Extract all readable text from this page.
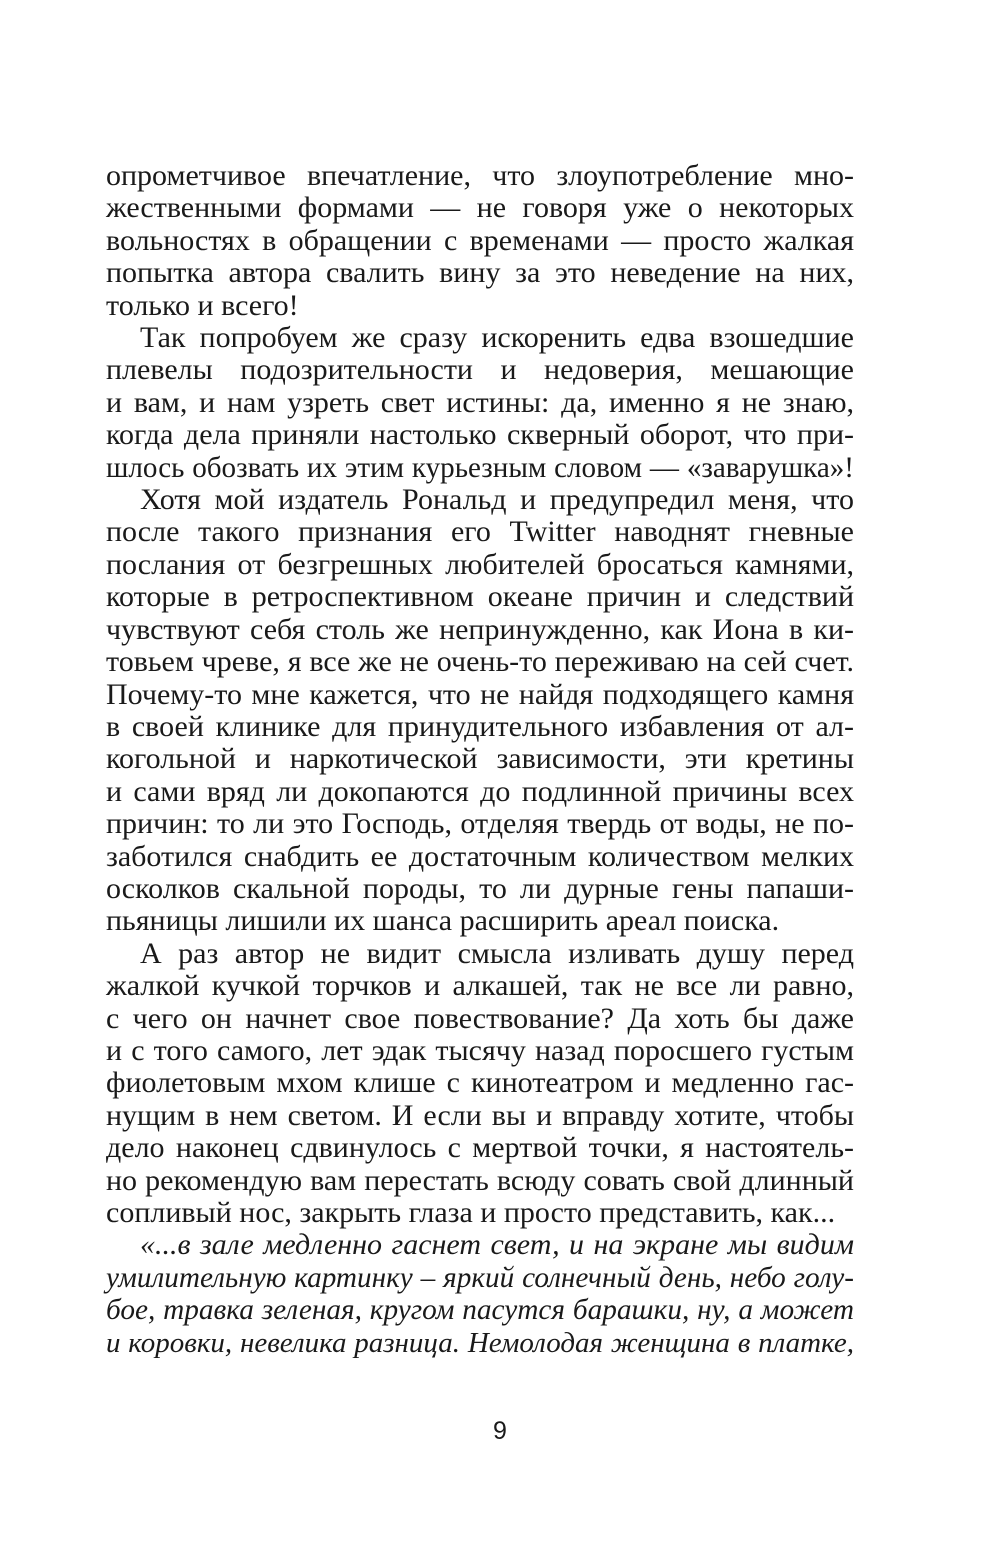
опрометчивое впечатление, что злоупотребление мно-
жественными формами — не говоря уже о некоторых
вольностях в обращении с временами — просто жалкая
попытка автора свалить вину за это неведение на них,
только и всего!
Так попробуем же сразу искоренить едва взошедшие
плевелы подозрительности и недоверия, мешающие
и вам, и нам узреть свет истины: да, именно я не знаю,
когда дела приняли настолько скверный оборот, что при-
шлось обозвать их этим курьезным словом — «заварушка»!
Хотя мой издатель Рональд и предупредил меня, что
после такого признания его Twitter наводнят гневные
послания от безгрешных любителей бросаться камнями,
которые в ретроспективном океане причин и следствий
чувствуют себя столь же непринужденно, как Иона в ки-
товьем чреве, я все же не очень-то переживаю на сей счет.
Почему-то мне кажется, что не найдя подходящего камня
в своей клинике для принудительного избавления от ал-
когольной и наркотической зависимости, эти кретины
и сами вряд ли докопаются до подлинной причины всех
причин: то ли это Господь, отделяя твердь от воды, не по-
заботился снабдить ее достаточным количеством мелких
осколков скальной породы, то ли дурные гены папаши-
пьяницы лишили их шанса расширить ареал поиска.
А раз автор не видит смысла изливать душу перед
жалкой кучкой торчков и алкашей, так не все ли равно,
с чего он начнет свое повествование? Да хоть бы даже
и с того самого, лет эдак тысячу назад поросшего густым
фиолетовым мхом клише с кинотеатром и медленно гас-
нущим в нем светом. И если вы и вправду хотите, чтобы
дело наконец сдвинулось с мертвой точки, я настоятель-
но рекомендую вам перестать всюду совать свой длинный
сопливый нос, закрыть глаза и просто представить, как...
«...в зале медленно гаснет свет, и на экране мы видим
умилительную картинку – яркий солнечный день, небо голу-
бое, травка зеленая, кругом пасутся барашки, ну, а может
и коровки, невелика разница. Немолодая женщина в платке,
9
